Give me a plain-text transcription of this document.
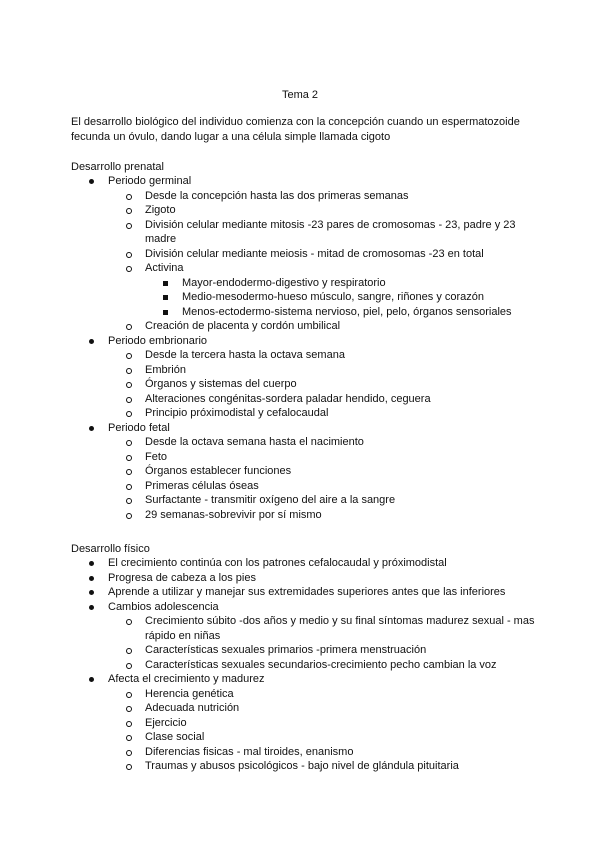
Tema 2
El desarrollo biológico del individuo comienza con la concepción cuando un espermatozoide fecunda un óvulo, dando lugar a una célula simple llamada cigoto
Desarrollo prenatal
Periodo germinal
Desde la concepción hasta las dos primeras semanas
Zigoto
División celular mediante mitosis -23 pares de cromosomas - 23, padre y 23 madre
División celular mediante meiosis - mitad de cromosomas -23 en total
Activina
Mayor-endodermo-digestivo y respiratorio
Medio-mesodermo-hueso músculo, sangre, riñones y corazón
Menos-ectodermo-sistema nervioso, piel, pelo, órganos sensoriales
Creación de placenta y cordón umbilical
Periodo embrionario
Desde la tercera hasta la octava semana
Embrión
Órganos y sistemas del cuerpo
Alteraciones congénitas-sordera paladar hendido, ceguera
Principio próximodistal y cefalocaudal
Periodo fetal
Desde la octava semana hasta el nacimiento
Feto
Órganos establecer funciones
Primeras células óseas
Surfactante - transmitir oxígeno del aire a la sangre
29 semanas-sobrevivir por sí mismo
Desarrollo físico
El crecimiento continúa con los patrones cefalocaudal y próximodistal
Progresa de cabeza a los pies
Aprende a utilizar y manejar sus extremidades superiores antes que las inferiores
Cambios adolescencia
Crecimiento súbito -dos años y medio y su final síntomas madurez sexual - mas rápido en niñas
Características sexuales primarios -primera menstruación
Características sexuales secundarios-crecimiento pecho cambian la voz
Afecta el crecimiento y madurez
Herencia genética
Adecuada nutrición
Ejercicio
Clase social
Diferencias fisicas - mal tiroides, enanismo
Traumas y abusos psicológicos - bajo nivel de glándula pituitaria
